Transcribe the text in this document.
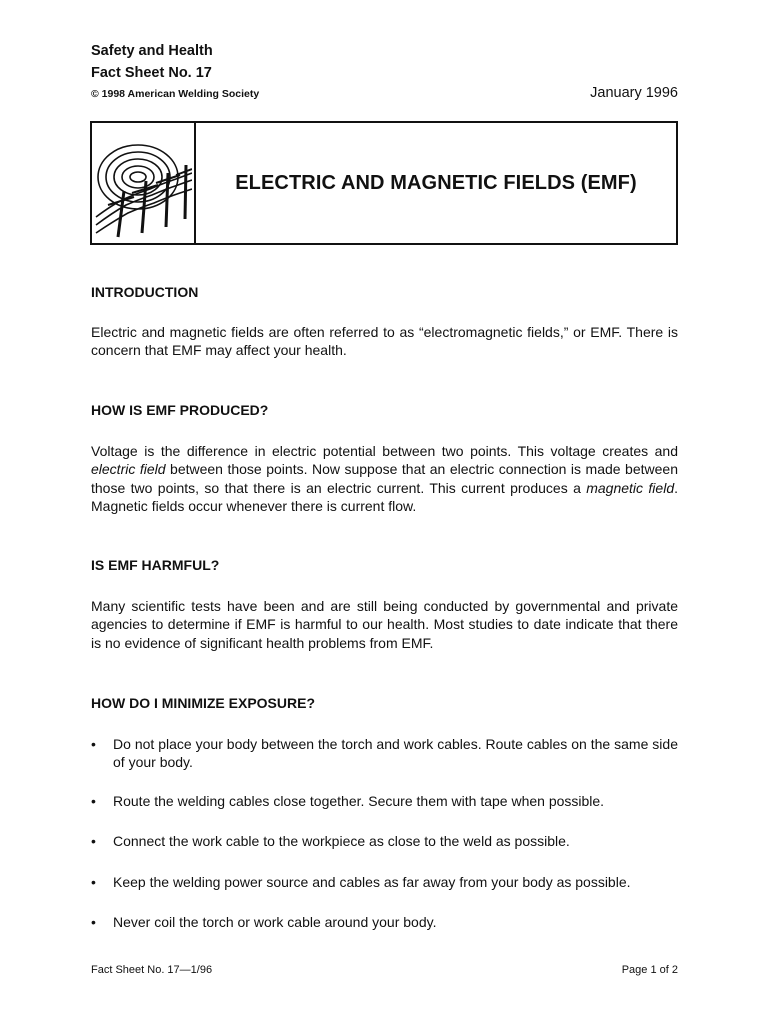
Safety and Health
Fact Sheet No. 17
© 1998 American Welding Society	January 1996
ELECTRIC AND MAGNETIC FIELDS (EMF)
INTRODUCTION
Electric and magnetic fields are often referred to as “electromagnetic fields,” or EMF. There is concern that EMF may affect your health.
HOW IS EMF PRODUCED?
Voltage is the difference in electric potential between two points. This voltage creates and electric field between those points. Now suppose that an electric connection is made between those two points, so that there is an electric current. This current produces a magnetic field. Magnetic fields occur whenever there is current flow.
IS EMF HARMFUL?
Many scientific tests have been and are still being conducted by governmental and private agencies to determine if EMF is harmful to our health. Most studies to date indicate that there is no evidence of significant health problems from EMF.
HOW DO I MINIMIZE EXPOSURE?
• Do not place your body between the torch and work cables. Route cables on the same side of your body.
• Route the welding cables close together. Secure them with tape when possible.
• Connect the work cable to the workpiece as close to the weld as possible.
• Keep the welding power source and cables as far away from your body as possible.
• Never coil the torch or work cable around your body.
Fact Sheet No. 17—1/96	Page 1 of 2
